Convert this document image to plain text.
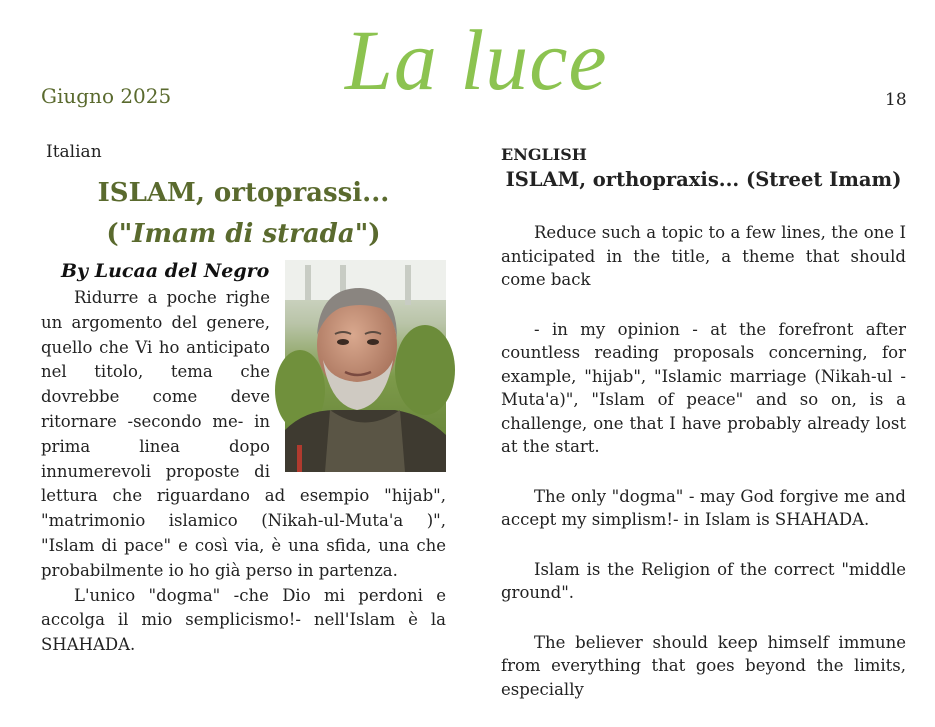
Giugno 2025 La luce	18
Italian
ISLAM, ortoprassi...
("Imam di strada")
By Lucaa del Negro

Ridurre a poche righe un argomento del genere, quello che Vi ho anticipato nel titolo, tema che dovrebbe come deve ritornare -secondo me- in prima linea dopo innumerevoli proposte di lettura che riguardano ad esempio "hijab", "matrimonio islamico (Nikah-ul-Muta'a )", "Islam di pace" e così via, è una sfida, una che probabilmente io ho già perso in partenza.

L'unico "dogma" -che Dio mi perdoni e accolga il mio semplicismo!- nell'Islam è la SHAHADA.

ENGLISH
ISLAM, orthopraxis... (Street Imam)

Reduce such a topic to a few lines, the one I anticipated in the title, a theme that should come back

- in my opinion - at the forefront after countless reading proposals concerning, for example, "hijab", "Islamic marriage (Nikah-ul -Muta'a)", "Islam of peace" and so on, is a challenge, one that I have probably already lost at the start.

The only "dogma" - may God forgive me and accept my simplism!- in Islam is SHAHADA.

Islam is the Religion of the correct "middle ground".

The believer should keep himself immune from everything that goes beyond the limits, especially
